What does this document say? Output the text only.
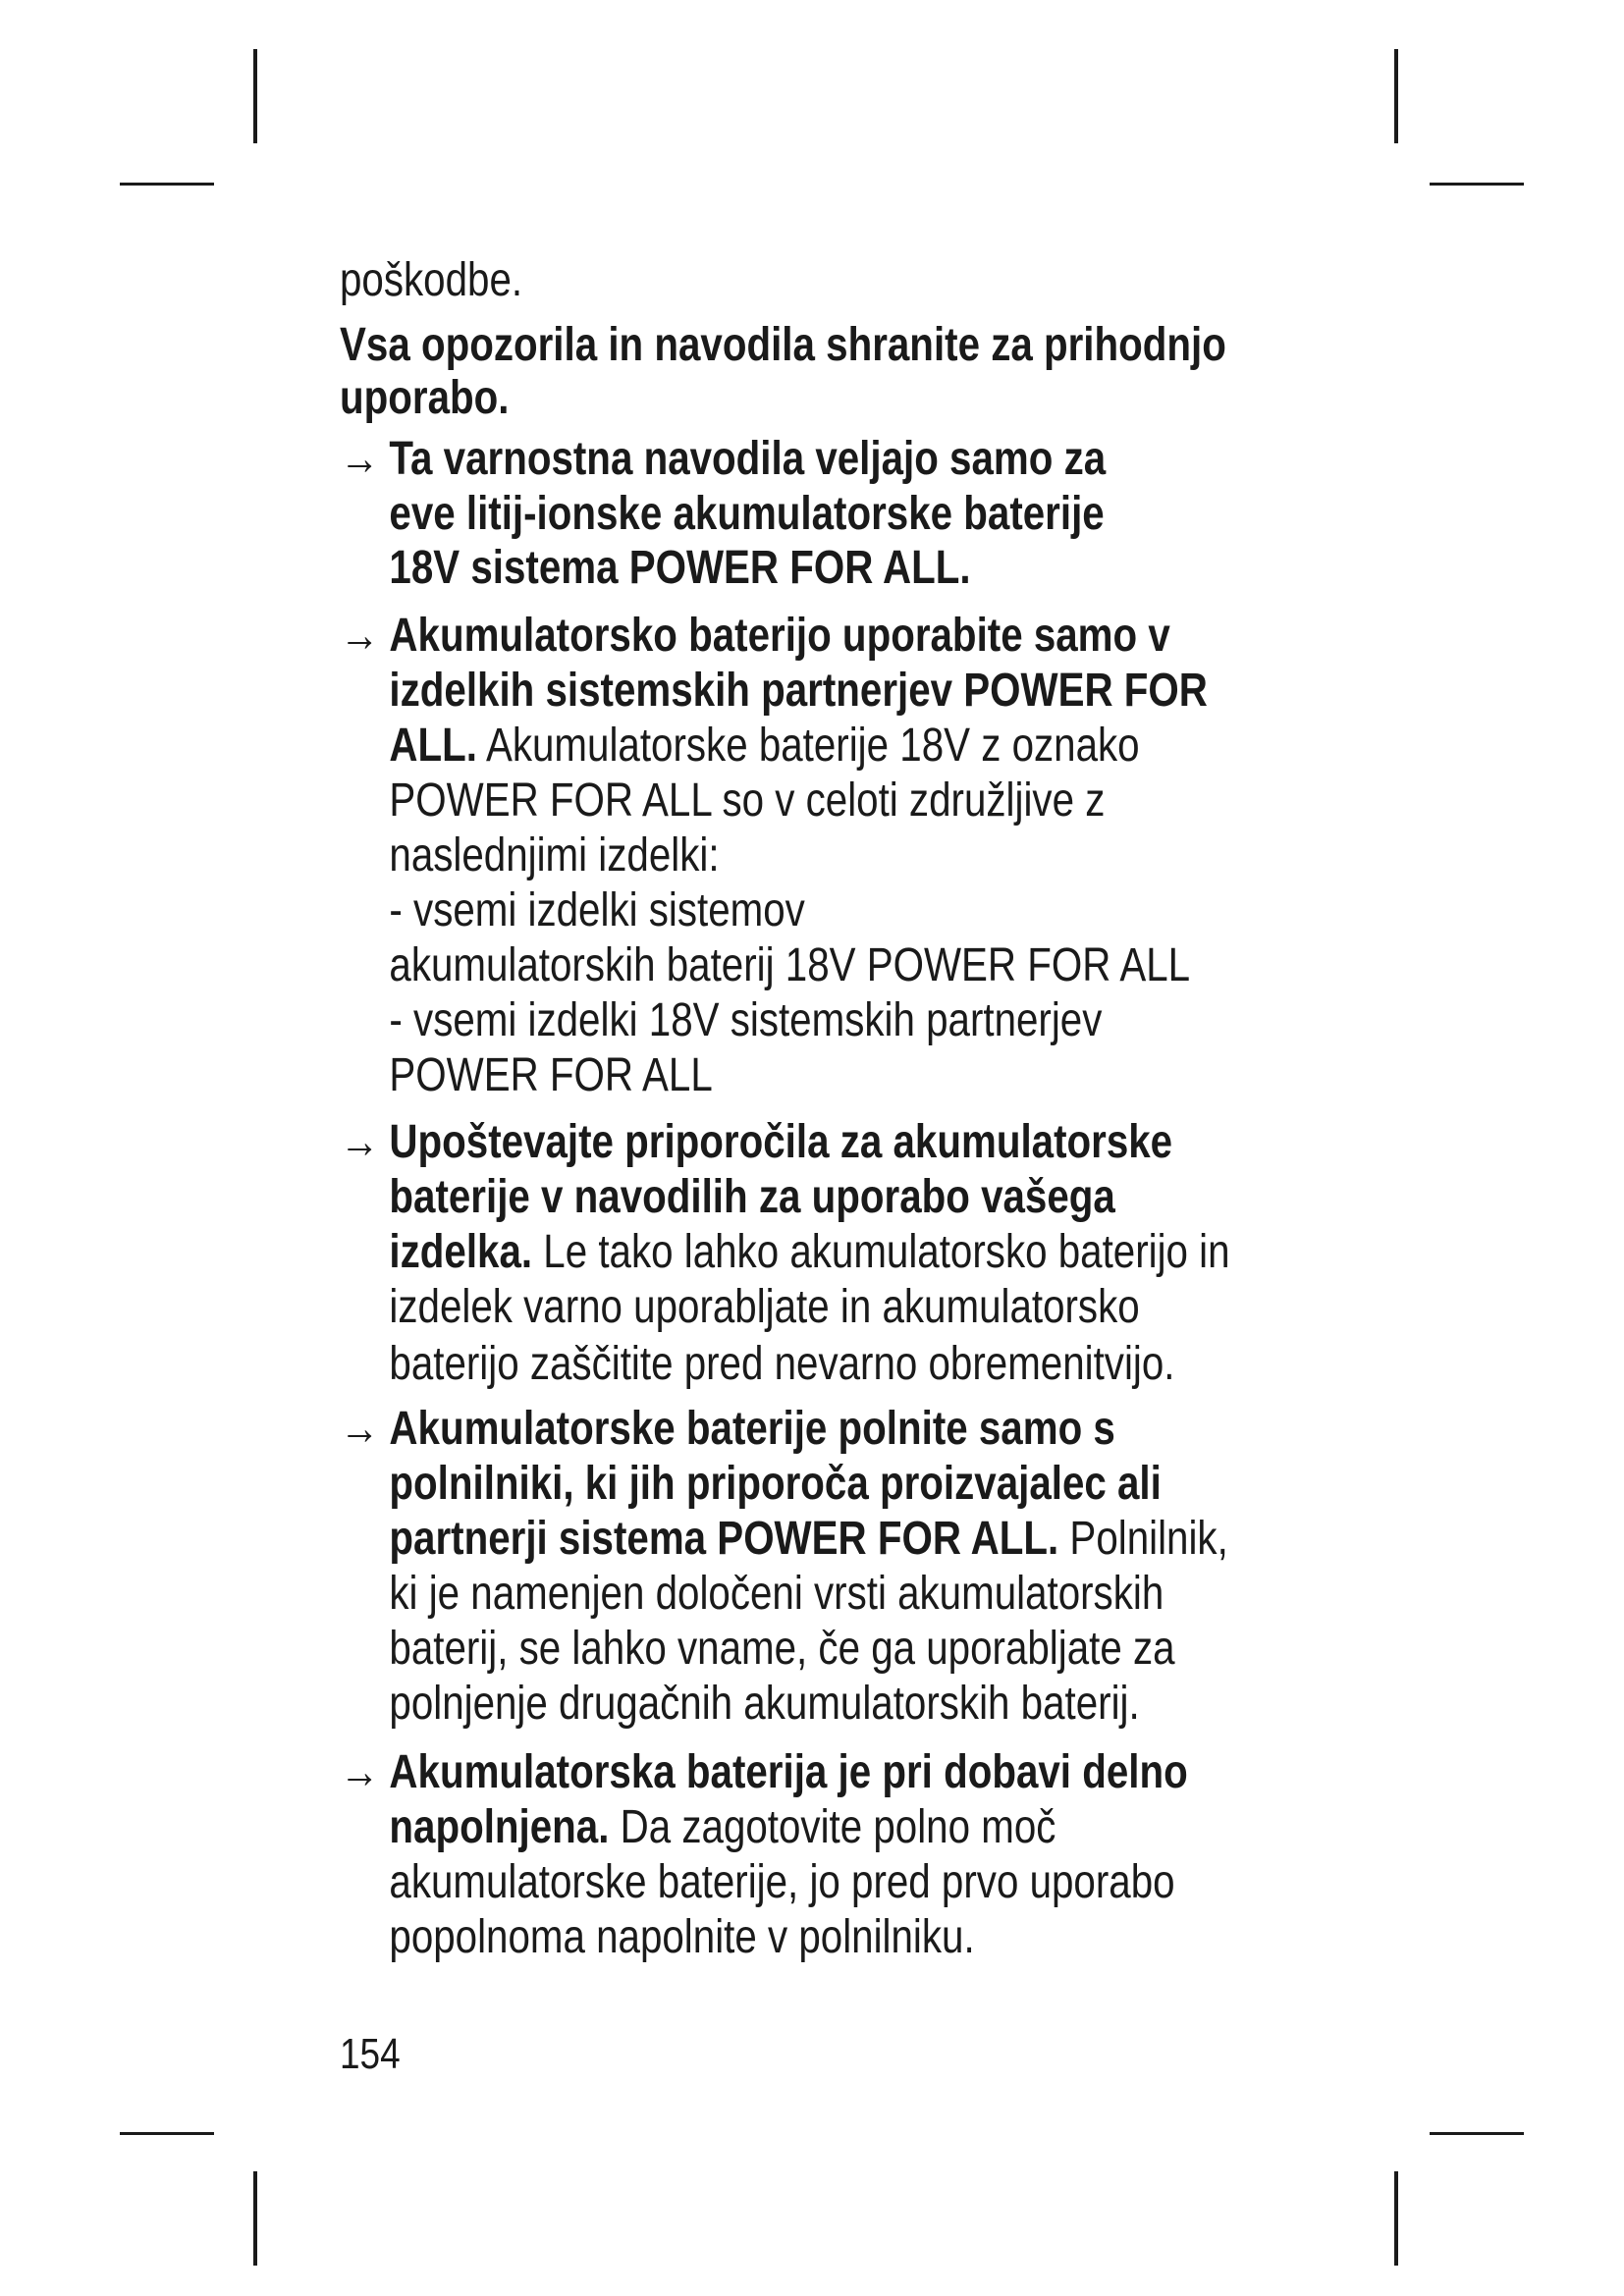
poškodbe.
Vsa opozorila in navodila shranite za prihodnjo
uporabo.
→ Ta varnostna navodila veljajo samo za
eve litij-ionske akumulatorske baterije
18V sistema POWER FOR ALL.
→ Akumulatorsko baterijo uporabite samo v
izdelkih sistemskih partnerjev POWER FOR
ALL. Akumulatorske baterije 18V z oznako
POWER FOR ALL so v celoti združljive z
naslednjimi izdelki:
- vsemi izdelki sistemov
akumulatorskih baterij 18V POWER FOR ALL
- vsemi izdelki 18V sistemskih partnerjev
POWER FOR ALL
→ Upoštevajte priporočila za akumulatorske
baterije v navodilih za uporabo vašega
izdelka. Le tako lahko akumulatorsko baterijo in
izdelek varno uporabljate in akumulatorsko
baterijo zaščitite pred nevarno obremenitvijo.
→ Akumulatorske baterije polnite samo s
polnilniki, ki jih priporoča proizvajalec ali
partnerji sistema POWER FOR ALL. Polnilnik,
ki je namenjen določeni vrsti akumulatorskih
baterij, se lahko vname, če ga uporabljate za
polnjenje drugačnih akumulatorskih baterij.
→ Akumulatorska baterija je pri dobavi delno
napolnjena. Da zagotovite polno moč
akumulatorske baterije, jo pred prvo uporabo
popolnoma napolnite v polnilniku.
154
